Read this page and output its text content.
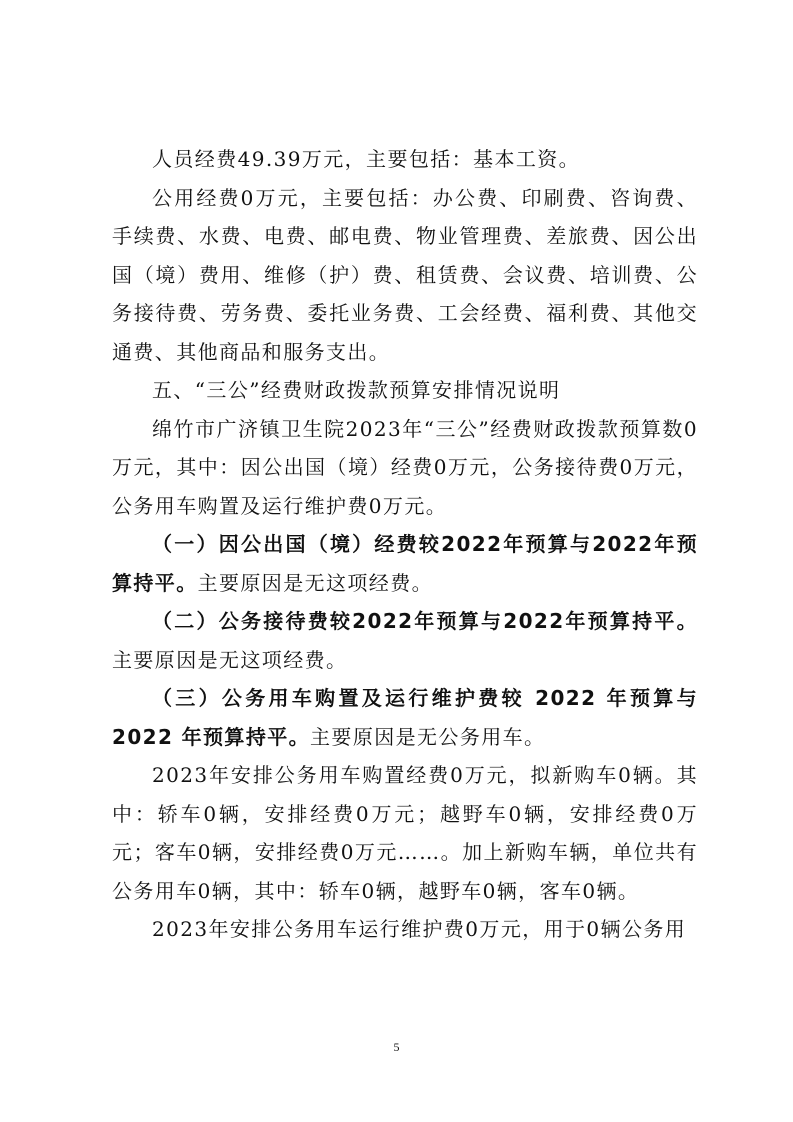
人员经费49.39万元，主要包括：基本工资。

公用经费0万元，主要包括：办公费、印刷费、咨询费、手续费、水费、电费、邮电费、物业管理费、差旅费、因公出国（境）费用、维修（护）费、租赁费、会议费、培训费、公务接待费、劳务费、委托业务费、工会经费、福利费、其他交通费、其他商品和服务支出。

五、“三公”经费财政拨款预算安排情况说明

绵竹市广济镇卫生院2023年“三公”经费财政拨款预算数0万元，其中：因公出国（境）经费0万元，公务接待费0万元，公务用车购置及运行维护费0万元。

（一）因公出国（境）经费较2022年预算与2022年预算持平。主要原因是无这项经费。

（二）公务接待费较2022年预算与2022年预算持平。主要原因是无这项经费。

（三）公务用车购置及运行维护费较 2022 年预算与 2022 年预算持平。主要原因是无公务用车。

2023年安排公务用车购置经费0万元，拟新购车0辆。其中：轿车0辆，安排经费0万元；越野车0辆，安排经费0万元；客车0辆，安排经费0万元……。加上新购车辆，单位共有公务用车0辆，其中：轿车0辆，越野车0辆，客车0辆。

2023年安排公务用车运行维护费0万元，用于0辆公务用

5
